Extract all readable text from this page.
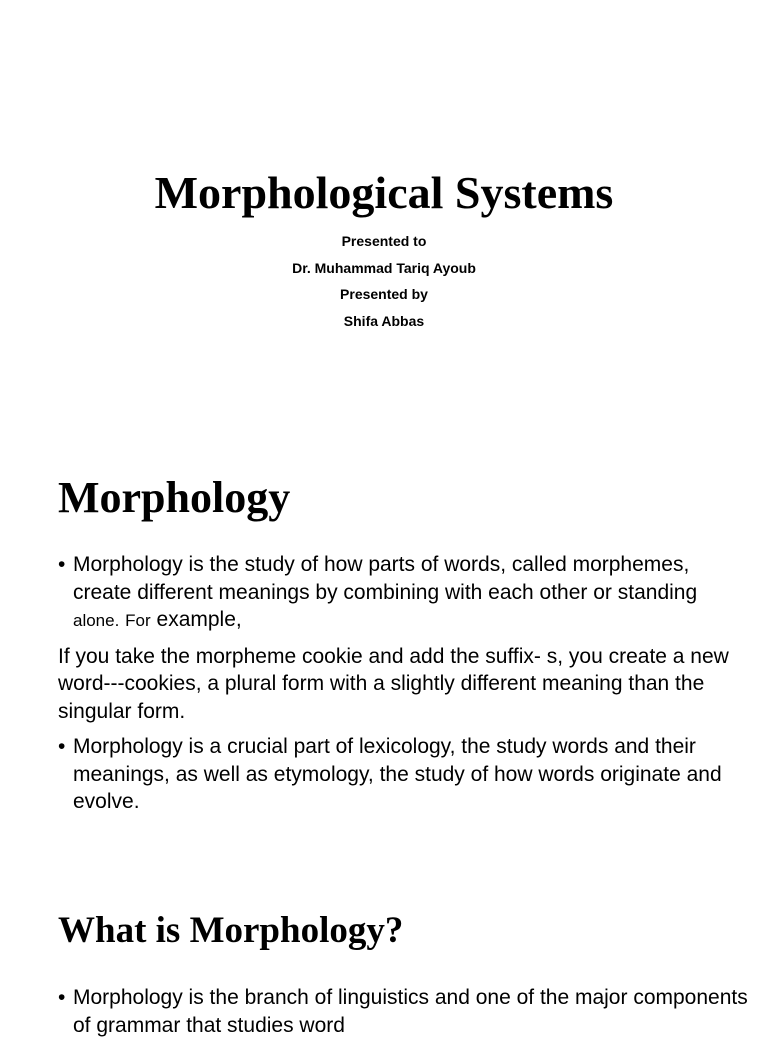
Morphological Systems
Presented to
Dr. Muhammad Tariq Ayoub
Presented by
Shifa Abbas
Morphology

• Morphology is the study of how parts of words, called morphemes, create different meanings by combining with each other or standing alone. For example,

If you take the morpheme cookie and add the suffix- s, you create a new word---cookies, a plural form with a slightly different meaning than the singular form.

• Morphology is a crucial part of lexicology, the study words and their meanings, as well as etymology, the study of how words originate and evolve.

What is Morphology?

• Morphology is the branch of linguistics and one of the major components of grammar that studies word
